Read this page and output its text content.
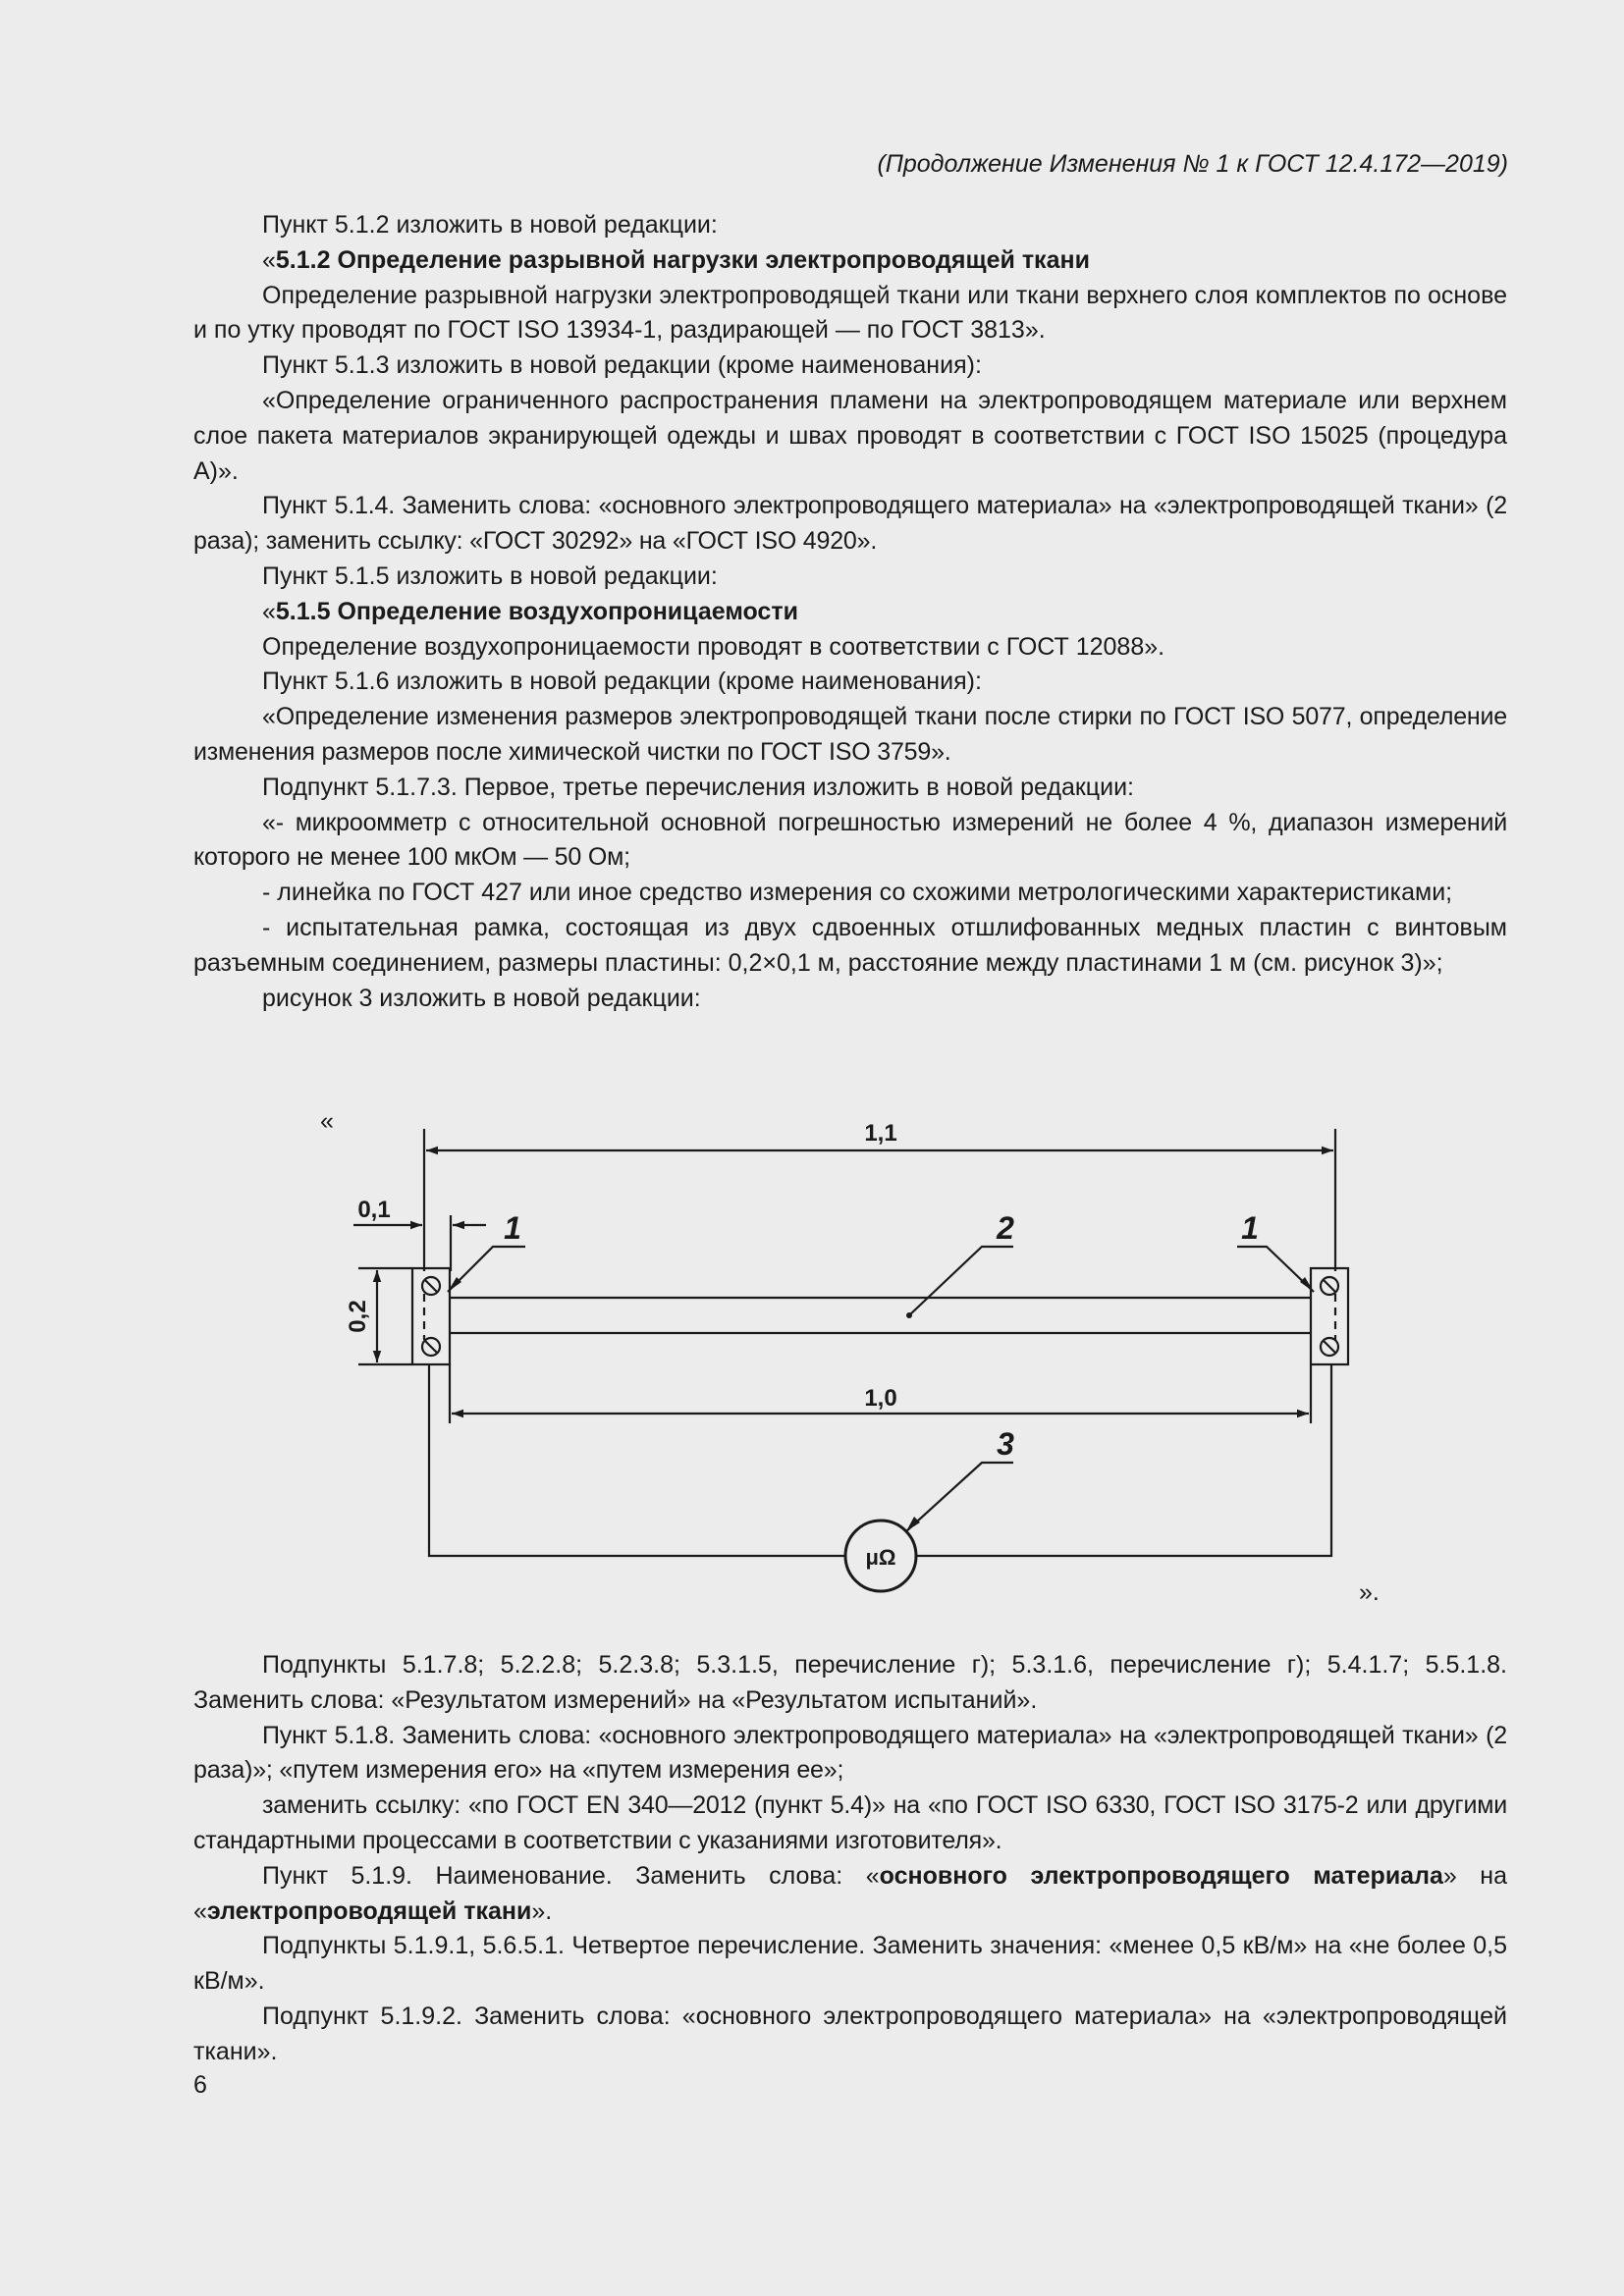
(Продолжение Изменения № 1 к ГОСТ 12.4.172—2019)

Пункт 5.1.2 изложить в новой редакции:

«5.1.2 Определение разрывной нагрузки электропроводящей ткани

Определение разрывной нагрузки электропроводящей ткани или ткани верхнего слоя комплектов по основе и по утку проводят по ГОСТ ISO 13934-1, раздирающей — по ГОСТ 3813».

Пункт 5.1.3 изложить в новой редакции (кроме наименования):

«Определение ограниченного распространения пламени на электропроводящем материале или верхнем слое пакета материалов экранирующей одежды и швах проводят в соответствии с ГОСТ ISO 15025 (процедура А)».

Пункт 5.1.4. Заменить слова: «основного электропроводящего материала» на «электропроводящей ткани» (2 раза); заменить ссылку: «ГОСТ 30292» на «ГОСТ ISO 4920».

Пункт 5.1.5 изложить в новой редакции:

«5.1.5 Определение воздухопроницаемости

Определение воздухопроницаемости проводят в соответствии с ГОСТ 12088».

Пункт 5.1.6 изложить в новой редакции (кроме наименования):

«Определение изменения размеров электропроводящей ткани после стирки по ГОСТ ISO 5077, определение изменения размеров после химической чистки по ГОСТ ISO 3759».

Подпункт 5.1.7.3. Первое, третье перечисления изложить в новой редакции:

«- микроомметр с относительной основной погрешностью измерений не более 4 %, диапазон измерений которого не менее 100 мкОм — 50 Ом;

- линейка по ГОСТ 427 или иное средство измерения со схожими метрологическими характеристиками;

- испытательная рамка, состоящая из двух сдвоенных отшлифованных медных пластин с винтовым разъемным соединением, размеры пластины: 0,2×0,1 м, расстояние между пластинами 1 м (см. рисунок 3)»;

рисунок 3 изложить в новой редакции:

«	1,1
0,1
0,2
1,0
1	2	1
3
μΩ
».

Подпункты 5.1.7.8; 5.2.2.8; 5.2.3.8; 5.3.1.5, перечисление г); 5.3.1.6, перечисление г); 5.4.1.7; 5.5.1.8. Заменить слова: «Результатом измерений» на «Результатом испытаний».

Пункт 5.1.8. Заменить слова: «основного электропроводящего материала» на «электропроводящей ткани» (2 раза)»; «путем измерения его» на «путем измерения ее»;

заменить ссылку: «по ГОСТ EN 340—2012 (пункт 5.4)» на «по ГОСТ ISO 6330, ГОСТ ISO 3175-2 или другими стандартными процессами в соответствии с указаниями изготовителя».

Пункт 5.1.9. Наименование. Заменить слова: «основного электропроводящего материала» на «электропроводящей ткани».

Подпункты 5.1.9.1, 5.6.5.1. Четвертое перечисление. Заменить значения: «менее 0,5 кВ/м» на «не более 0,5 кВ/м».

Подпункт 5.1.9.2. Заменить слова: «основного электропроводящего материала» на «электропроводящей ткани».

6
